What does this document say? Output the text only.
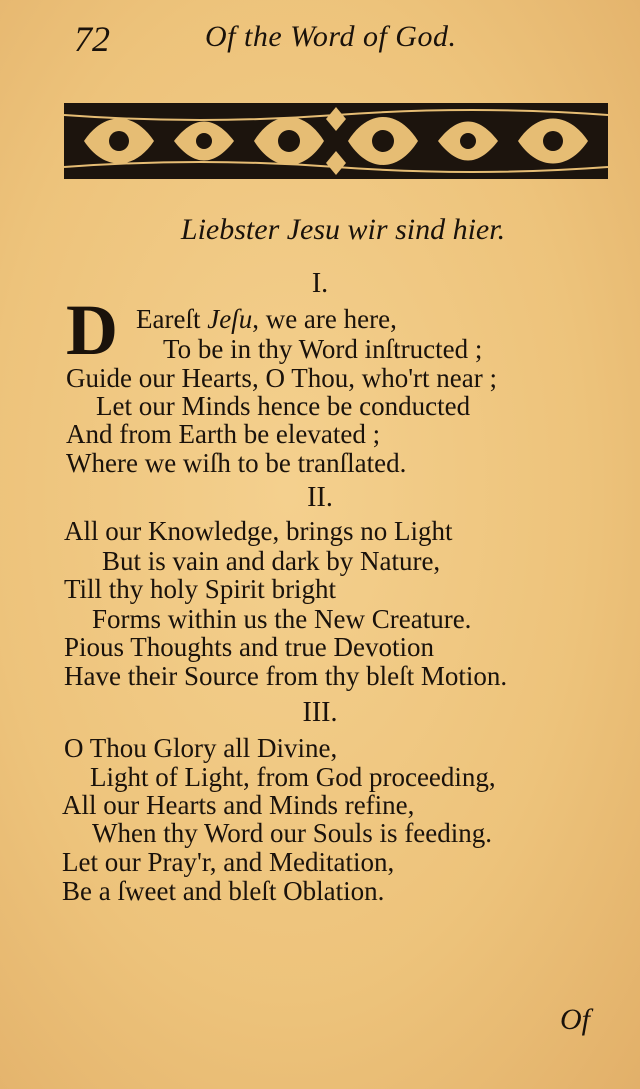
72	Of the Word of God.
Liebster Jesu wir sind hier.
I.
D Eareſt Jeſu, we are here,
To be in thy Word inſtructed ;
Guide our Hearts, O Thou, who'rt near ;
Let our Minds hence be conducted
And from Earth be elevated ;
Where we wiſh to be tranſlated.
II.
All our Knowledge, brings no Light
But is vain and dark by Nature,
Till thy holy Spirit bright
Forms within us the New Creature.
Pious Thoughts and true Devotion
Have their Source from thy bleſt Motion.
III.
O Thou Glory all Divine,
Light of Light, from God proceeding,
All our Hearts and Minds refine,
When thy Word our Souls is feeding.
Let our Pray'r, and Meditation,
Be a ſweet and bleſt Oblation.
Of
